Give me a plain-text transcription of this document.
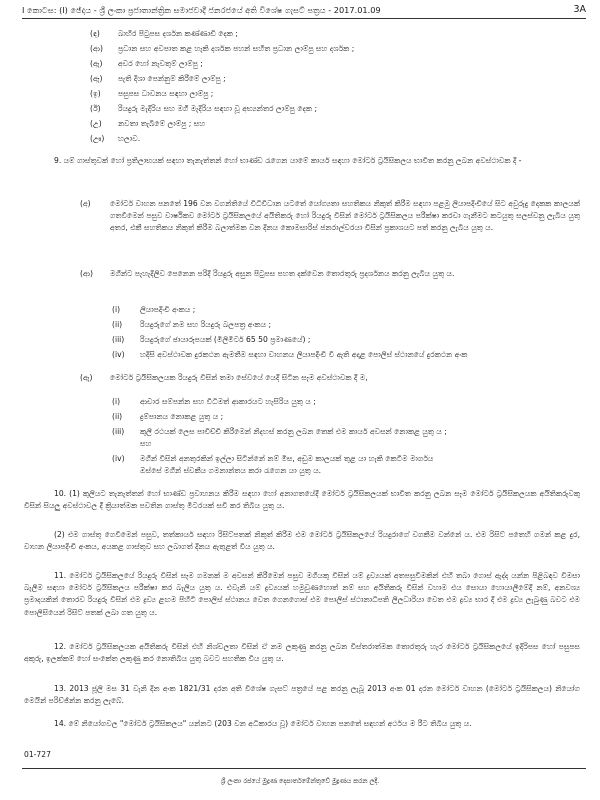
I කොටස: (I) ඡේදය - ශ්‍රී ලංකා ප්‍රජාතාන්ත්‍රික සමාජවාදී ජනරජයේ අති විශේෂ ගැසට් පත්‍රය - 2017.01.09	3A
(ඳ) බාහිර පිටුපස දර්ශන කණ්ණාඩි දෙක ;
(ආ) ප්‍රධාන සහ අවපාත කළ හැකි දර්ශක පහන් සහිත ප්‍රධාන ලාම්පු සහ දර්ශක ;
(ඇ) අවර හෝ නැවතුම් ලාම්පු ;
(ඈ) පැති දිශා පෙන්නුම් කිරීමේ ලාම්පු ;
(ඉ) පසුපස ධාවනය සඳහා ලාම්පු ;
(ඊ) රියදුරු මැදිරිය සහ මගී මැදිරිය සඳහා වූ අභ්‍යන්තර ලාම්පු දෙක ;
(උ) නවතා තැබීමේ ලාම්පු ; සහ
(ඌ) හලාව.
9. යම් ගාස්තුවක් හෝ ප්‍රතිලාභයක් සඳහා තැනැත්තන් හෝ භාණ්ඩ රැගෙන යාමේ කාර්ය සඳහා මෝටර් ට්‍රයිසිකලය භාවිත කරනු ලබන අවස්ථාවක දී -
(අ)	මෝටර් වාහන පනතේ 196 වන වගන්තියේ විධිවිධාන යටතේ යෝග්‍යතා සහතිකය නිකුත් කිරීම සඳහා පළමු ලියාපදිංචියේ සිට අවුරුදු දෙකක කාලයක් ගතවීමෙන් පසුව වාර්ෂිකව මෝටර් ට්‍රයිසිකලයේ අයිතිකරු හෝ රියදුරු විසින් මෝටර් ට්‍රයිසිකලය පරීක්ෂා කරවා ගැනීමට කටයුතු සලස්වනු ලැබිය යුතු අතර, එකී සහතිකය නිකුත් කිරීම බලාත්මක වන දිනය කොමසාරිස් ජනරාල්වරයා විසින් ප්‍රකාශයට පත් කරනු ලැබිය යුතු ය.
(ආ) මගීන්ට පැහැදිලිව පෙනෙන පරිදි රියදුරු අසුන පිටුපස පහත දක්වෙන තොරතුරු ප්‍රදර්ශනය කරනු ලැබිය යුතු ය.
(i)	ලියාපදිංචි අංකය ;
(ii) රියදුරුගේ නම සහ රියදුරු බලපත්‍ර අංකය ;
(iii) රියදුරුගේ ඡායාරූපයක් (මිලිමීටර් 65 50 ප්‍රමාණයේ) ;
(iv) හදිසි අවස්ථාවක දුරකථන ඇමතීම සඳහා වාහනය ලියාපදිංචි වී ඇති අදාළ පොලිස් ස්ථානයේ දුරකථන අංක
(ඇ) මෝටර් ට්‍රයිසිකලයක රියදුරු විසින් තමා සේවයේ යෙදී සිටින සෑම අවස්ථාවක දී ම,
(i)	ආචාර සම්පන්න සහ විධිමත් ආකාරයට හැසිරිය යුතු ය ;
(ii) දුම්පානය නොකළ යුතු ය ;
(iii) කුලී රථයක් ලෙස පාවිච්චි කිරීමෙන් නිදහස් කරනු ලබන තෙක් එම කාර්ය අවසන් නොකළ යුතු ය ;
සහ
(iv) මගීන් විසින් අනතුරකින් ඉල්ලා සිටින්නේ නම් මිස, අඩුම කාලයක් තුළ යා හැකි කෙටිම මාර්ගය
ඔස්සේ මගීන් ස්වකීය ගමනාන්තය කරා රැගෙන යා යුතු ය.
10. (1) කුලියට තැනැත්තන් හෝ භාණ්ඩ ප්‍රවාහනය කිරීම සඳහා හෝ අනාගතයේදී මෝටර් ට්‍රයිසිකලයක් භාවිත කරනු ලබන සෑම මෝටර් ට්‍රයිසිකලයක අයිතිකරුවකු විසින් සියලු අවස්ථාවල දී ක්‍රියාත්මක පවතින ගාස්තු මීටරයක් සවි කර තිබිය යුතු ය.
(2) එම ගාස්තු ගෙවීමෙන් පසුව, තත්කාර්ය සඳහා රිසිට්පතක් නිකුත් කිරීම එම මෝටර් ට්‍රයිසිකලයේ රියදුරාගේ වගකීම වන්නේ ය. එම රිසිට් පතෙහි ගමන් කළ දුර, වාහන ලියාපදිංචි අංකය, අයකළ ගාස්තුව සහ ලබාගත් දිනය ඇතුළත් විය යුතු ය.
11. මෝටර් ට්‍රයිසිකලයේ රියදුරු විසින් සෑම ගමනක් ම අවසන් කිරීමෙන් පසුව මගියකු විසින් යම් ද්‍රව්‍යයක් අතපසුවීමකින් එහි තබා ගොස් ඇද්ද යන්න පිළිබඳව විමසා බැලීම සඳහා මෝටර් ට්‍රයිසිකලය පරීක්ෂා කර බැලිය යුතු ය. එවැනි යම් ද්‍රව්‍යයක් හමුවුණහොත් නම් සහ අයිතිකරු විසින් වහාම එය සොයා හොයාලීමේදී නම්, අනවශ්‍ය ප්‍රමාදයකින් තොරව රියදුරු විසින් එම ද්‍රව්‍ය ළඟම පිහිටි පොලිස් ස්ථානය වෙත ගෙනගොස් එම පොලිස් ස්ථානාධිපති ලිලධාරියා වෙත එම ද්‍රව්‍ය භාර දී එම ද්‍රව්‍ය ලැබුණු බවට එම පොලිසියෙන් රිසිට් පතක් ලබා ගත යුතු ය.
12. මෝටර් ට්‍රයිසිකලයක අයිතිකරු විසින් එහි නිශ්චලතා විසින් ඒ නම ලකුණු කරනු ලබන විස්තරාත්මක තොරතුරු හැර මෝටර් ට්‍රයිසිකලයේ ඉදිරිපස හෝ පසුපස අකුරු, ඉලක්කම් හෝ සංකේත ලකුණු කර නොතිබිය යුතු බවට සහතික විය යුතු ය.
13. 2013 ජූලි මස 31 වැනි දින අංක 1821/31 දරන අති විශේෂ ගැසට් පත්‍රයේ පළ කරනු ලැබූ 2013 අංක 01 දරන මෝටර් වාහන (මෝටර් ට්‍රයිසිකලය) නියෝග මෙයින් පරිච්ඡින්න කරනු ලැබේ.
14. මේ නියෝගවල "මෝටර් ට්‍රයිසිකලය" යන්නට (203 වන අධිකාරය වූ) මෝටර් වාහන පනතේ සඳහන් අර්ථය ම රීට තිබිය යුතු ය.
01-727
ශ්‍රී ලංකා රජයේ මුද්‍රණ දෙපාර්තමේන්තුවේ මුද්‍රණය කරන ලදී.
